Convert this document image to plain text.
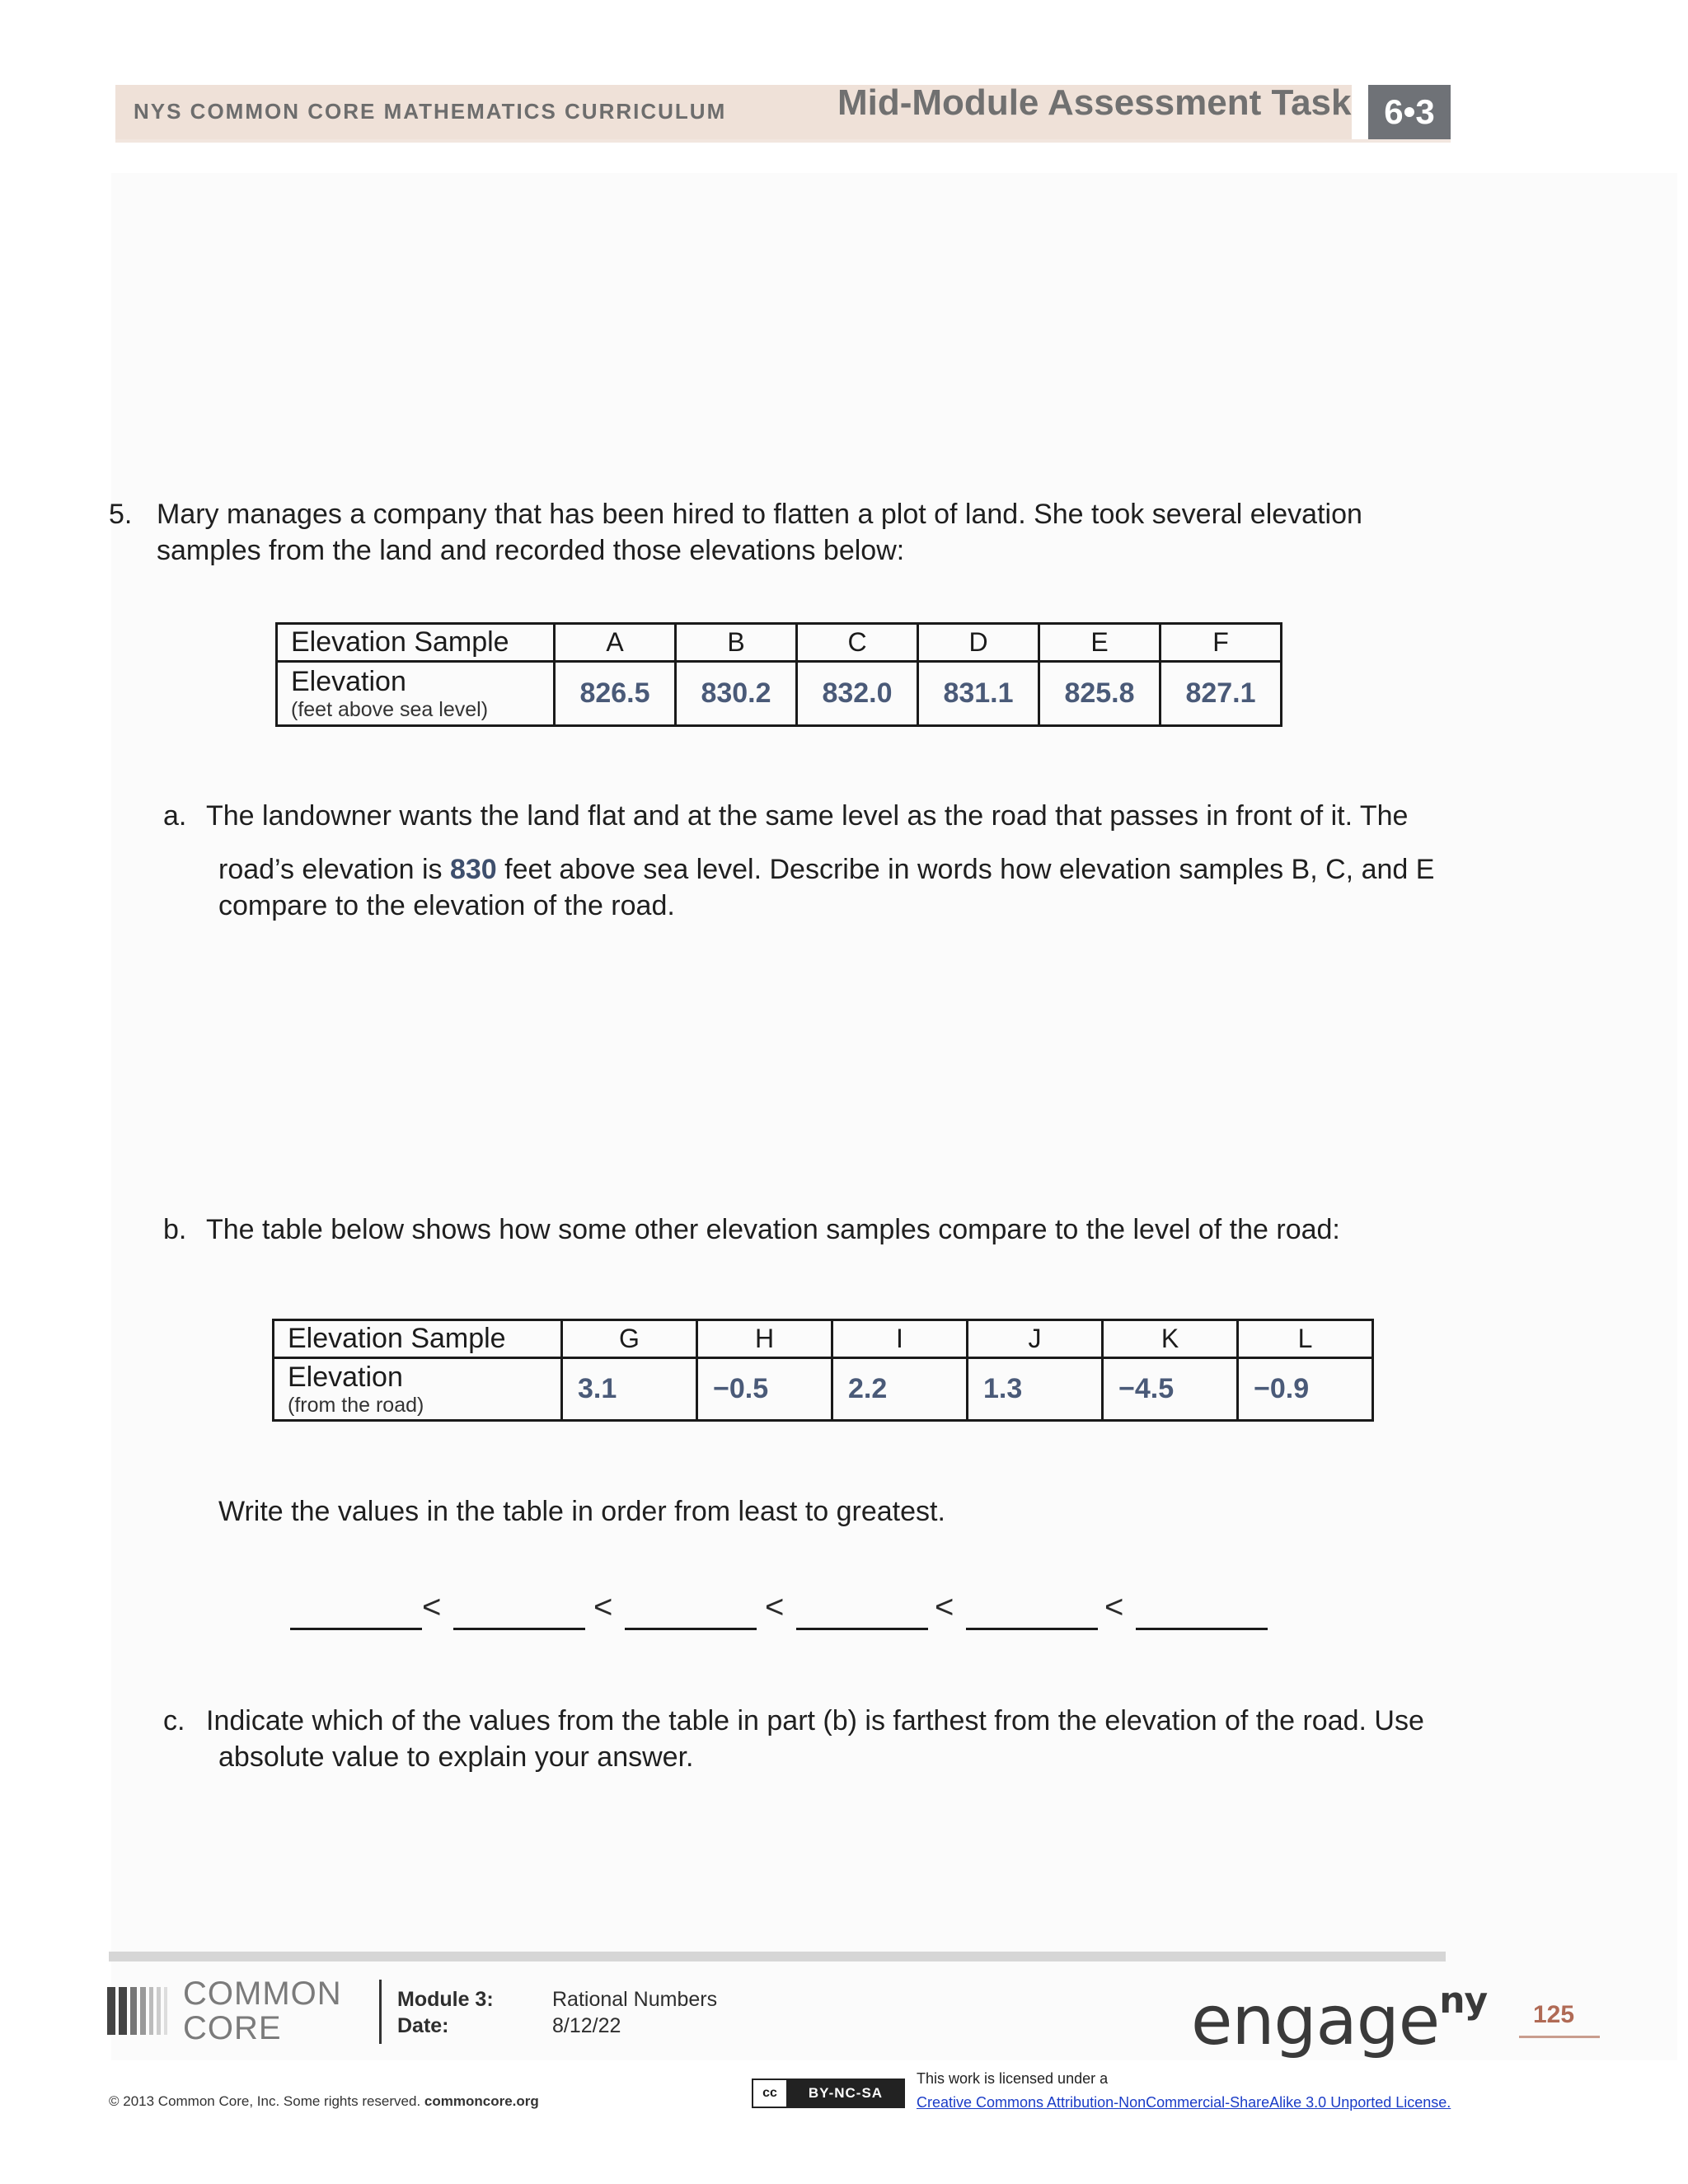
NYS COMMON CORE MATHEMATICS CURRICULUM	Mid-Module Assessment Task 6•3
5. Mary manages a company that has been hired to flatten a plot of land. She took several elevation
samples from the land and recorded those elevations below:
Elevation Sample	A	B	C	D	E	F

Elevation
(feet above sea level)	826.5	830.2	832.0	831.1	825.8	827.1
a. The landowner wants the land flat and at the same level as the road that passes in front of it. The
road’s elevation is 830 feet above sea level. Describe in words how elevation samples B, C, and E
compare to the elevation of the road.
b. The table below shows how some other elevation samples compare to the level of the road:
Elevation Sample	G	H	I	J	K	L

Elevation
(from the road)	3.1	−0.5	2.2	1.3	−4.5	−0.9
Write the values in the table in order from least to greatest.
<	<	<	<	<
c. Indicate which of the values from the table in part (b) is farthest from the elevation of the road. Use
absolute value to explain your answer.
COMMON
CORE
Module 3:	Rational Numbers
Date:	8/12/22	engage$^{ny}$ 125
© 2013 Common Core, Inc. Some rights reserved. commoncore.org
cc	BY-NC-SA
This work is licensed under a
Creative Commons Attribution-NonCommercial-ShareAlike 3.0 Unported License.
